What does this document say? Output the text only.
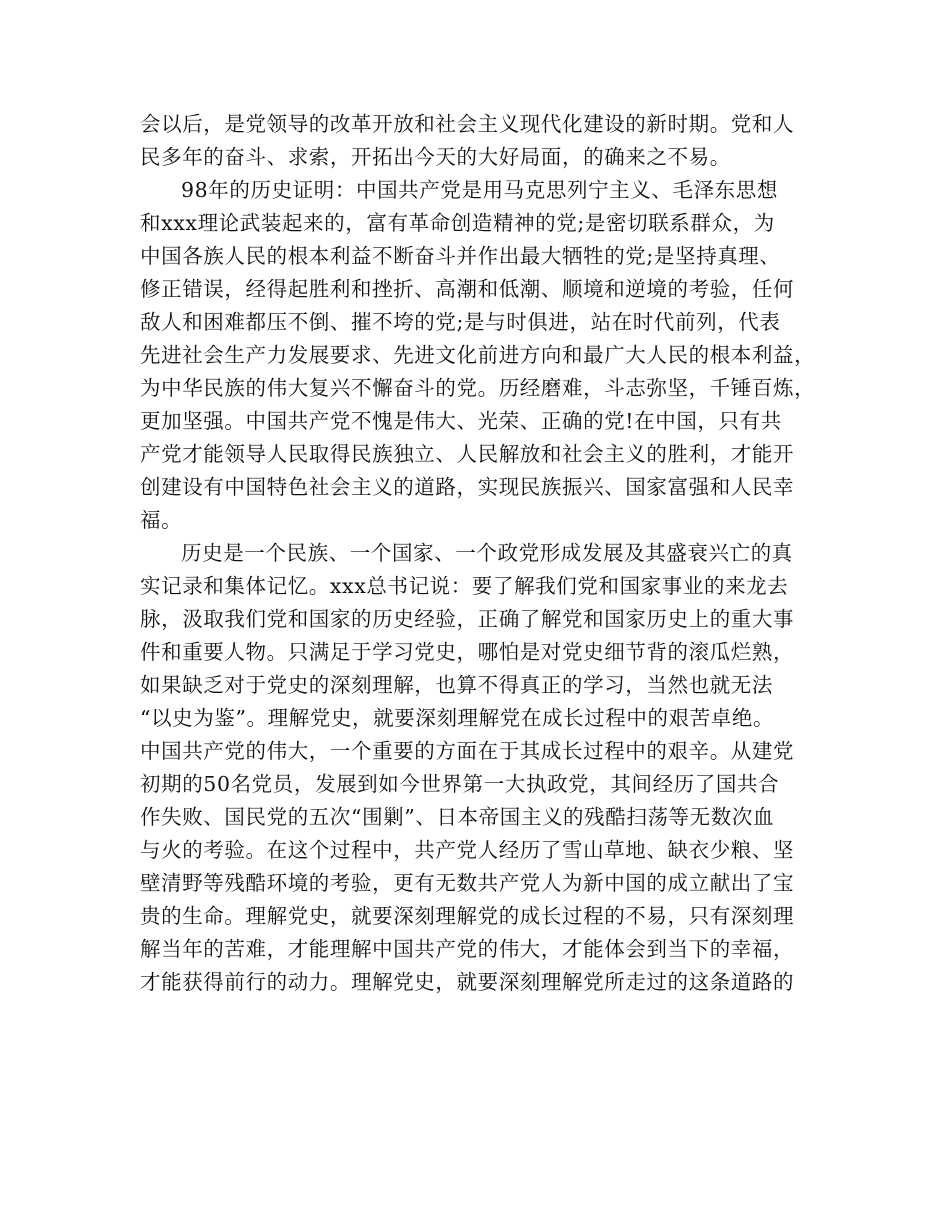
会以后，是党领导的改革开放和社会主义现代化建设的新时期。党和人
民多年的奋斗、求索，开拓出今天的大好局面，的确来之不易。
98年的历史证明：中国共产党是用马克思列宁主义、毛泽东思想
和xxx理论武装起来的，富有革命创造精神的党;是密切联系群众，为
中国各族人民的根本利益不断奋斗并作出最大牺牲的党;是坚持真理、
修正错误，经得起胜利和挫折、高潮和低潮、顺境和逆境的考验，任何
敌人和困难都压不倒、摧不垮的党;是与时俱进，站在时代前列，代表
先进社会生产力发展要求、先进文化前进方向和最广大人民的根本利益，
为中华民族的伟大复兴不懈奋斗的党。历经磨难，斗志弥坚，千锤百炼，
更加坚强。中国共产党不愧是伟大、光荣、正确的党!在中国，只有共
产党才能领导人民取得民族独立、人民解放和社会主义的胜利，才能开
创建设有中国特色社会主义的道路，实现民族振兴、国家富强和人民幸
福。
历史是一个民族、一个国家、一个政党形成发展及其盛衰兴亡的真
实记录和集体记忆。xxx总书记说：要了解我们党和国家事业的来龙去
脉，汲取我们党和国家的历史经验，正确了解党和国家历史上的重大事
件和重要人物。只满足于学习党史，哪怕是对党史细节背的滚瓜烂熟，
如果缺乏对于党史的深刻理解，也算不得真正的学习，当然也就无法
“以史为鉴”。理解党史，就要深刻理解党在成长过程中的艰苦卓绝。
中国共产党的伟大，一个重要的方面在于其成长过程中的艰辛。从建党
初期的50名党员，发展到如今世界第一大执政党，其间经历了国共合
作失败、国民党的五次“围剿”、日本帝国主义的残酷扫荡等无数次血
与火的考验。在这个过程中，共产党人经历了雪山草地、缺衣少粮、坚
壁清野等残酷环境的考验，更有无数共产党人为新中国的成立献出了宝
贵的生命。理解党史，就要深刻理解党的成长过程的不易，只有深刻理
解当年的苦难，才能理解中国共产党的伟大，才能体会到当下的幸福，
才能获得前行的动力。理解党史，就要深刻理解党所走过的这条道路的
